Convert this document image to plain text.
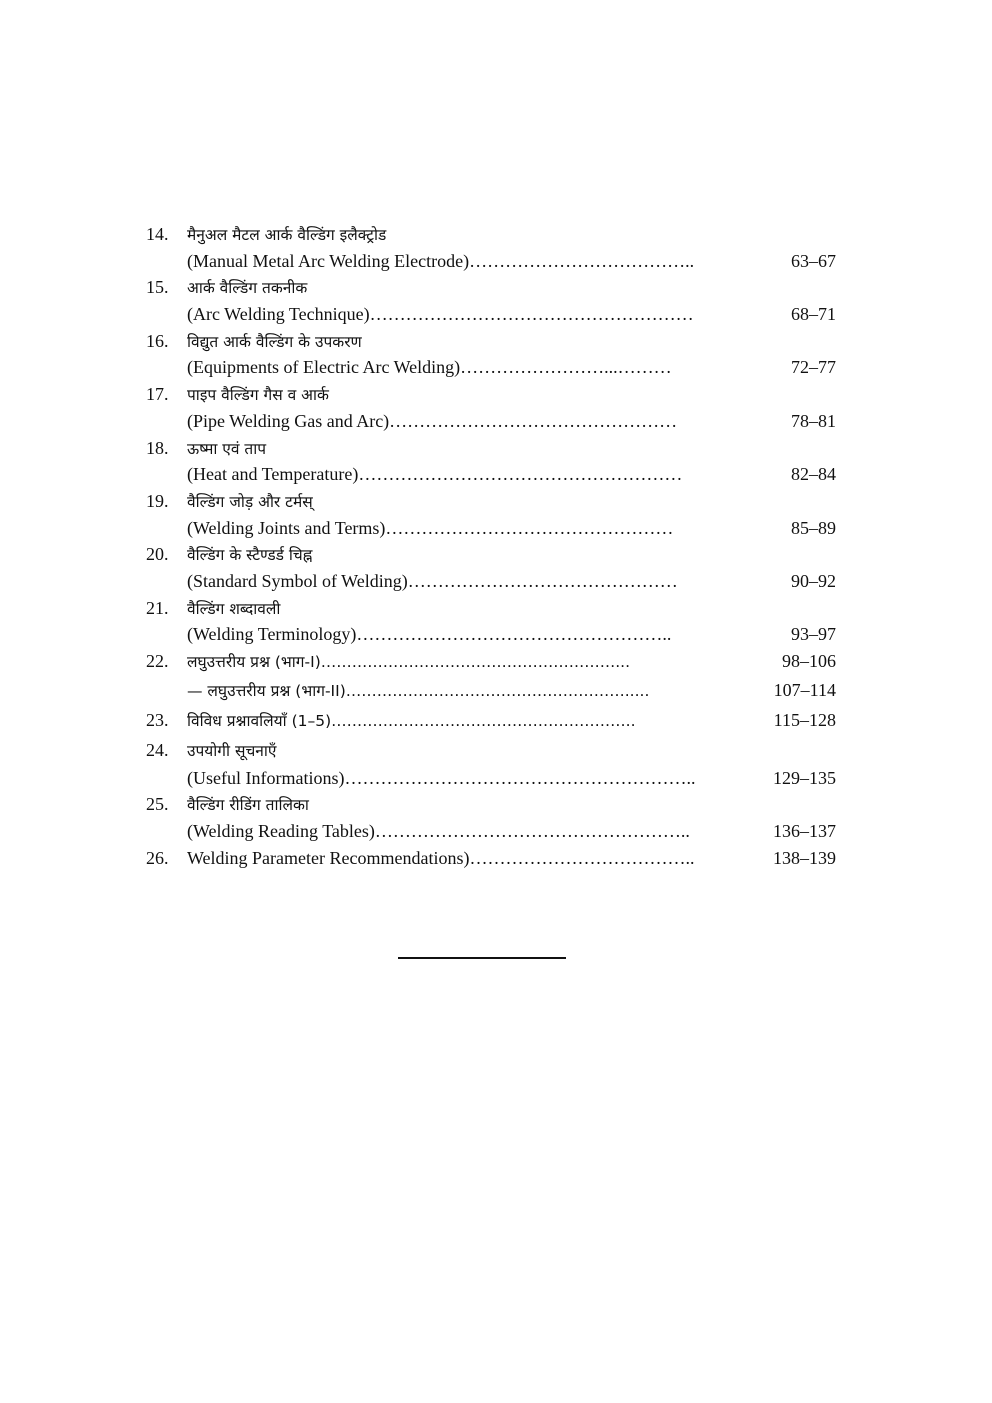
14.	मैनुअल मैटल आर्क वैल्डिंग इलैक्ट्रोड
(Manual Metal Arc Welding Electrode)………………………………..	63–67
15.	आर्क वैल्डिंग तकनीक
(Arc Welding Technique)………………………………………………	68–71
16.	विद्युत आर्क वैल्डिंग के उपकरण
(Equipments of Electric Arc Welding)……………………...………	72–77
17.	पाइप वैल्डिंग गैस व आर्क
(Pipe Welding Gas and Arc)…………………………………………	78–81
18.	ऊष्मा एवं ताप
(Heat and Temperature)………………………………………………	82–84
19.	वैल्डिंग जोड़ और टर्मस्
(Welding Joints and Terms)…………………………………………	85–89
20.	वैल्डिंग के स्टैण्डर्ड चिह्न
(Standard Symbol of Welding)………………………………………	90–92
21.	वैल्डिंग शब्दावली
(Welding Terminology)……………………………………………..	93–97
22.	लघुउत्तरीय प्रश्न (भाग-I)…………………………………………………...	98–106
— लघुउत्तरीय प्रश्न (भाग-II)……………………………………………….....	107–114
23.	विविध प्रश्नावलियाँ (1–5)…………………………………………………..	115–128
24.	उपयोगी सूचनाएँ
(Useful Informations)…………………………………………………..	129–135
25.	वैल्डिंग रीडिंग तालिका
(Welding Reading Tables)……………………………………………..	136–137
26.	Welding Parameter Recommendations)………………………………..	138–139
